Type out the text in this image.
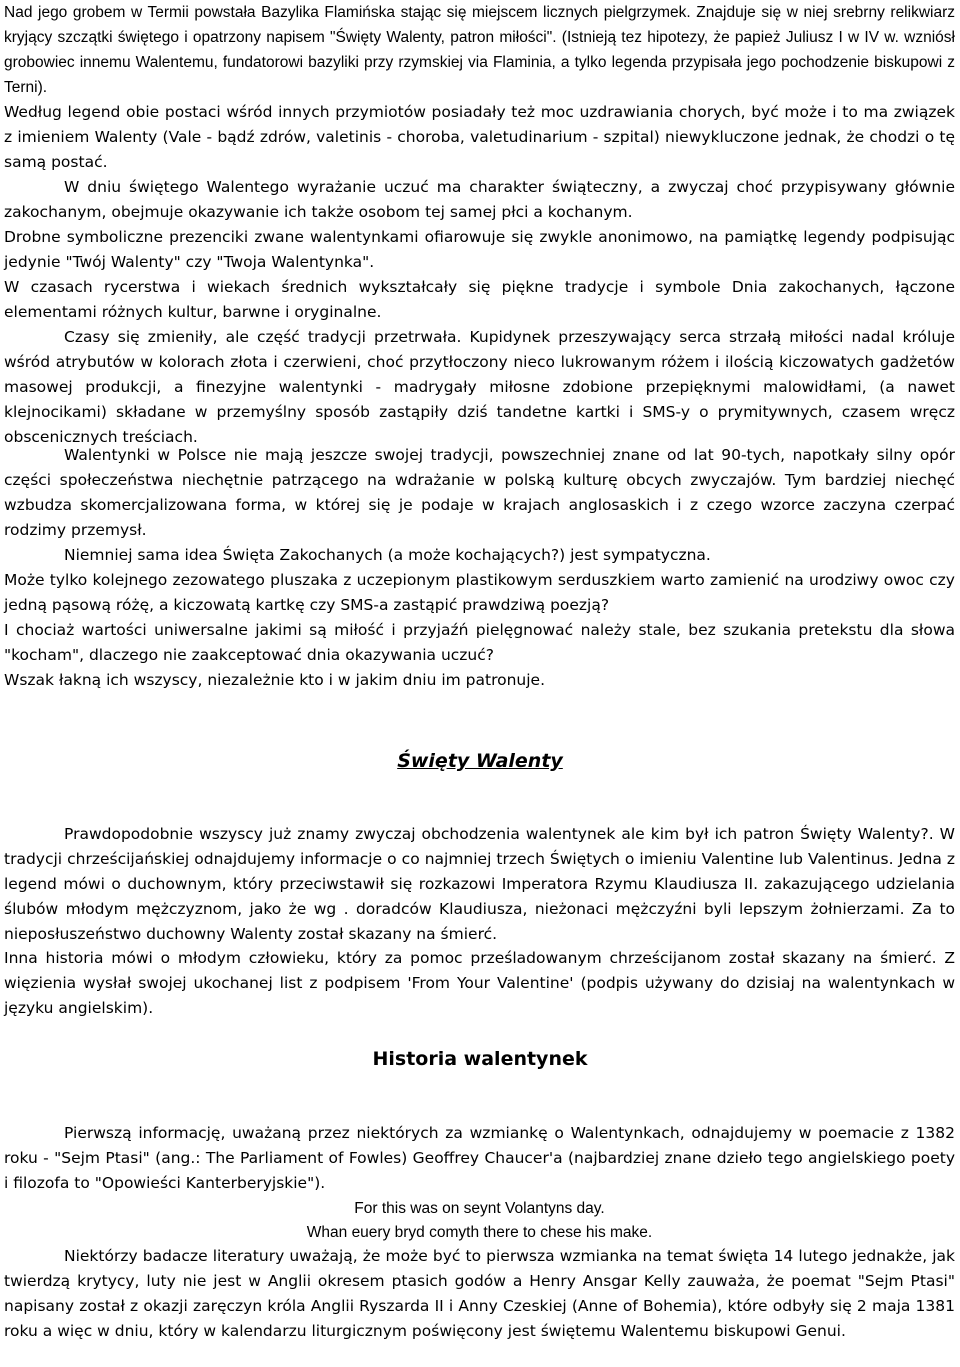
Nad jego grobem w Termii powstała Bazylika Flamińska stając się miejscem licznych pielgrzymek. Znajduje się w niej srebrny relikwiarz kryjący szczątki świętego i opatrzony napisem "Święty Walenty, patron miłości". (Istnieją tez hipotezy, że papież Juliusz I w IV w. wzniósł grobowiec innemu Walentemu, fundatorowi bazyliki przy rzymskiej via Flaminia, a tylko legenda przypisała jego pochodzenie biskupowi z Terni).

Według legend obie postaci wśród innych przymiotów posiadały też moc uzdrawiania chorych, być może i to ma związek z imieniem Walenty (Vale - bądź zdrów, valetinis - choroba, valetudinarium - szpital) niewykluczone jednak, że chodzi o tę samą postać.

W dniu świętego Walentego wyrażanie uczuć ma charakter świąteczny, a zwyczaj choć przypisywany głównie zakochanym, obejmuje okazywanie ich także osobom tej samej płci a kochanym.

Drobne symboliczne prezenciki zwane walentynkami ofiarowuje się zwykle anonimowo, na pamiątkę legendy podpisując jedynie "Twój Walenty" czy "Twoja Walentynka".

W czasach rycerstwa i wiekach średnich wykształcały się piękne tradycje i symbole Dnia zakochanych, łączone elementami różnych kultur, barwne i oryginalne.

Czasy się zmieniły, ale część tradycji przetrwała. Kupidynek przeszywający serca strzałą miłości nadal króluje wśród atrybutów w kolorach złota i czerwieni, choć przytłoczony nieco lukrowanym różem i ilością kiczowatych gadżetów masowej produkcji, a finezyjne walentynki - madrygały miłosne zdobione przepięknymi malowidłami, (a nawet klejnocikami) składane w przemyślny sposób zastąpiły dziś tandetne kartki i SMS-y o prymitywnych, czasem wręcz obscenicznych treściach.

Walentynki w Polsce nie mają jeszcze swojej tradycji, powszechniej znane od lat 90-tych, napotkały silny opór części społeczeństwa niechętnie patrzącego na wdrażanie w polską kulturę obcych zwyczajów. Tym bardziej niechęć wzbudza skomercjalizowana forma, w której się je podaje w krajach anglosaskich i z czego wzorce zaczyna czerpać rodzimy przemysł.

Niemniej sama idea Święta Zakochanych (a może kochających?) jest sympatyczna.

Może tylko kolejnego zezowatego pluszaka z uczepionym plastikowym serduszkiem warto zamienić na urodziwy owoc czy jedną pąsową różę, a kiczowatą kartkę czy SMS-a zastąpić prawdziwą poezją?

I chociaż wartości uniwersalne jakimi są miłość i przyjaźń pielęgnować należy stale, bez szukania pretekstu dla słowa "kocham", dlaczego nie zaakceptować dnia okazywania uczuć?

Wszak łakną ich wszyscy, niezależnie kto i w jakim dniu im patronuje.

Święty Walenty

Prawdopodobnie wszyscy już znamy zwyczaj obchodzenia walentynek ale kim był ich patron Święty Walenty?. W tradycji chrześcijańskiej odnajdujemy informacje o co najmniej trzech Świętych o imieniu Valentine lub Valentinus. Jedna z legend mówi o duchownym, który przeciwstawił się rozkazowi Imperatora Rzymu Klaudiusza II. zakazującego udzielania ślubów młodym mężczyznom, jako że wg . doradców Klaudiusza, nieżonaci mężczyźni byli lepszym żołnierzami. Za to nieposłuszeństwo duchowny Walenty został skazany na śmierć.

Inna historia mówi o młodym człowieku, który za pomoc prześladowanym chrześcijanom został skazany na śmierć. Z więzienia wysłał swojej ukochanej list z podpisem 'From Your Valentine' (podpis używany do dzisiaj na walentynkach w języku angielskim).

Historia walentynek

Pierwszą informację, uważaną przez niektórych za wzmiankę o Walentynkach, odnajdujemy w poemacie z 1382 roku - "Sejm Ptasi" (ang.: The Parliament of Fowles) Geoffrey Chaucer'a (najbardziej znane dzieło tego angielskiego poety i filozofa to "Opowieści Kanterberyjskie").

For this was on seynt Volantyns day.

Whan euery bryd comyth there to chese his make.

Niektórzy badacze literatury uważają, że może być to pierwsza wzmianka na temat święta 14 lutego jednakże, jak twierdzą krytycy, luty nie jest w Anglii okresem ptasich godów a Henry Ansgar Kelly zauważa, że poemat "Sejm Ptasi" napisany został z okazji zaręczyn króla Anglii Ryszarda II i Anny Czeskiej (Anne of Bohemia), które odbyły się 2 maja 1381 roku a więc w dniu, który w kalendarzu liturgicznym poświęcony jest świętemu Walentemu biskupowi Genui.
